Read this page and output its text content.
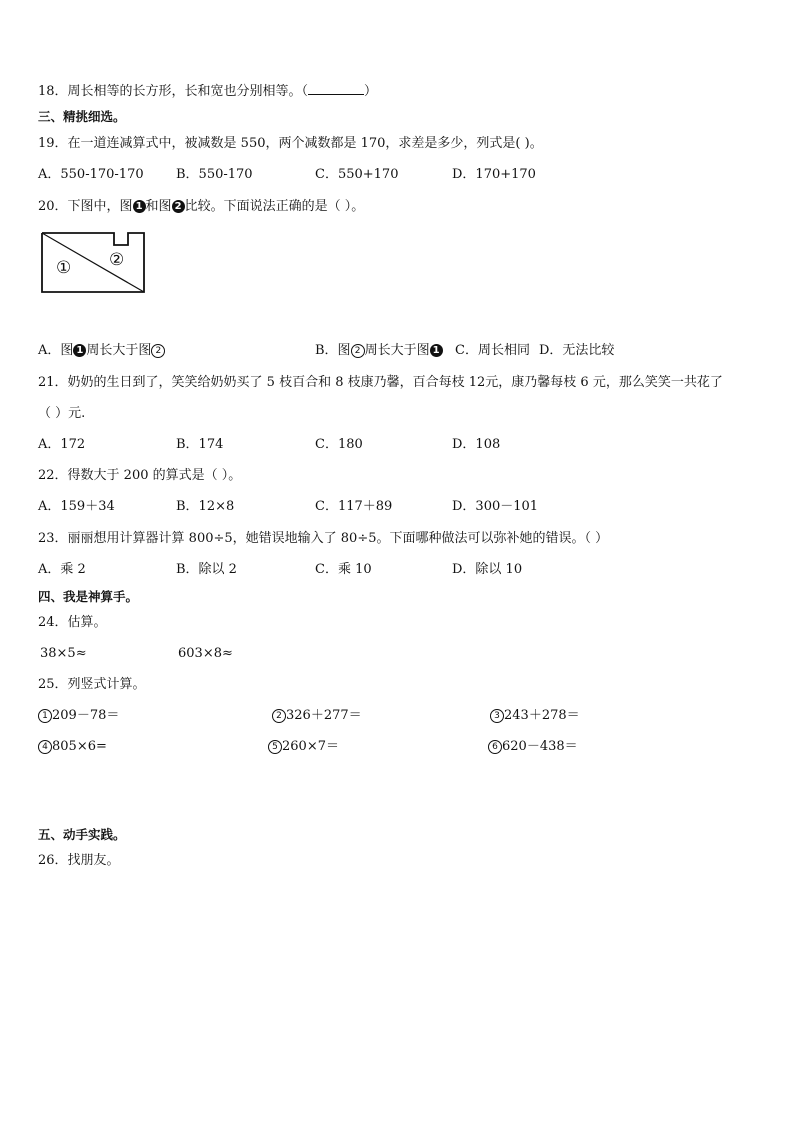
18．周长相等的长方形，长和宽也分别相等。（	）
三、精挑细选。
19．在一道连减算式中，被减数是 550，两个减数都是 170，求差是多少，列式是( )。
A．550-170-170 B．550-170	C．550+170	D．170+170
20．下图中，图 1 和图 2 比较。下面说法正确的是（ ）。
① ②
A．图 1 周长大于图 2	B．图 2 周长大于图 1 C．周长相同 D．无法比较
21．奶奶的生日到了，笑笑给奶奶买了 5 枝百合和 8 枝康乃馨，百合每枝 12元，康乃馨每枝 6 元，那么笑笑一共花了
（ ）元.
A．172	B．174	C．180	D．108
22．得数大于 200 的算式是（ ）。
A．159＋34	B．12×8	C．117＋89	D．300－101
23．丽丽想用计算器计算 800÷5，她错误地输入了 80÷5。下面哪种做法可以弥补她的错误。（ ）
A．乘 2	B．除以 2	C．乘 10	D．除以 10
四、我是神算手。
24．估算。
38×5≈	603×8≈
25．列竖式计算。
1 209－78＝	2 326＋277＝	3 243＋278＝
4 805×6=	5 260×7＝	6 620－438＝
五、动手实践。
26．找朋友。
